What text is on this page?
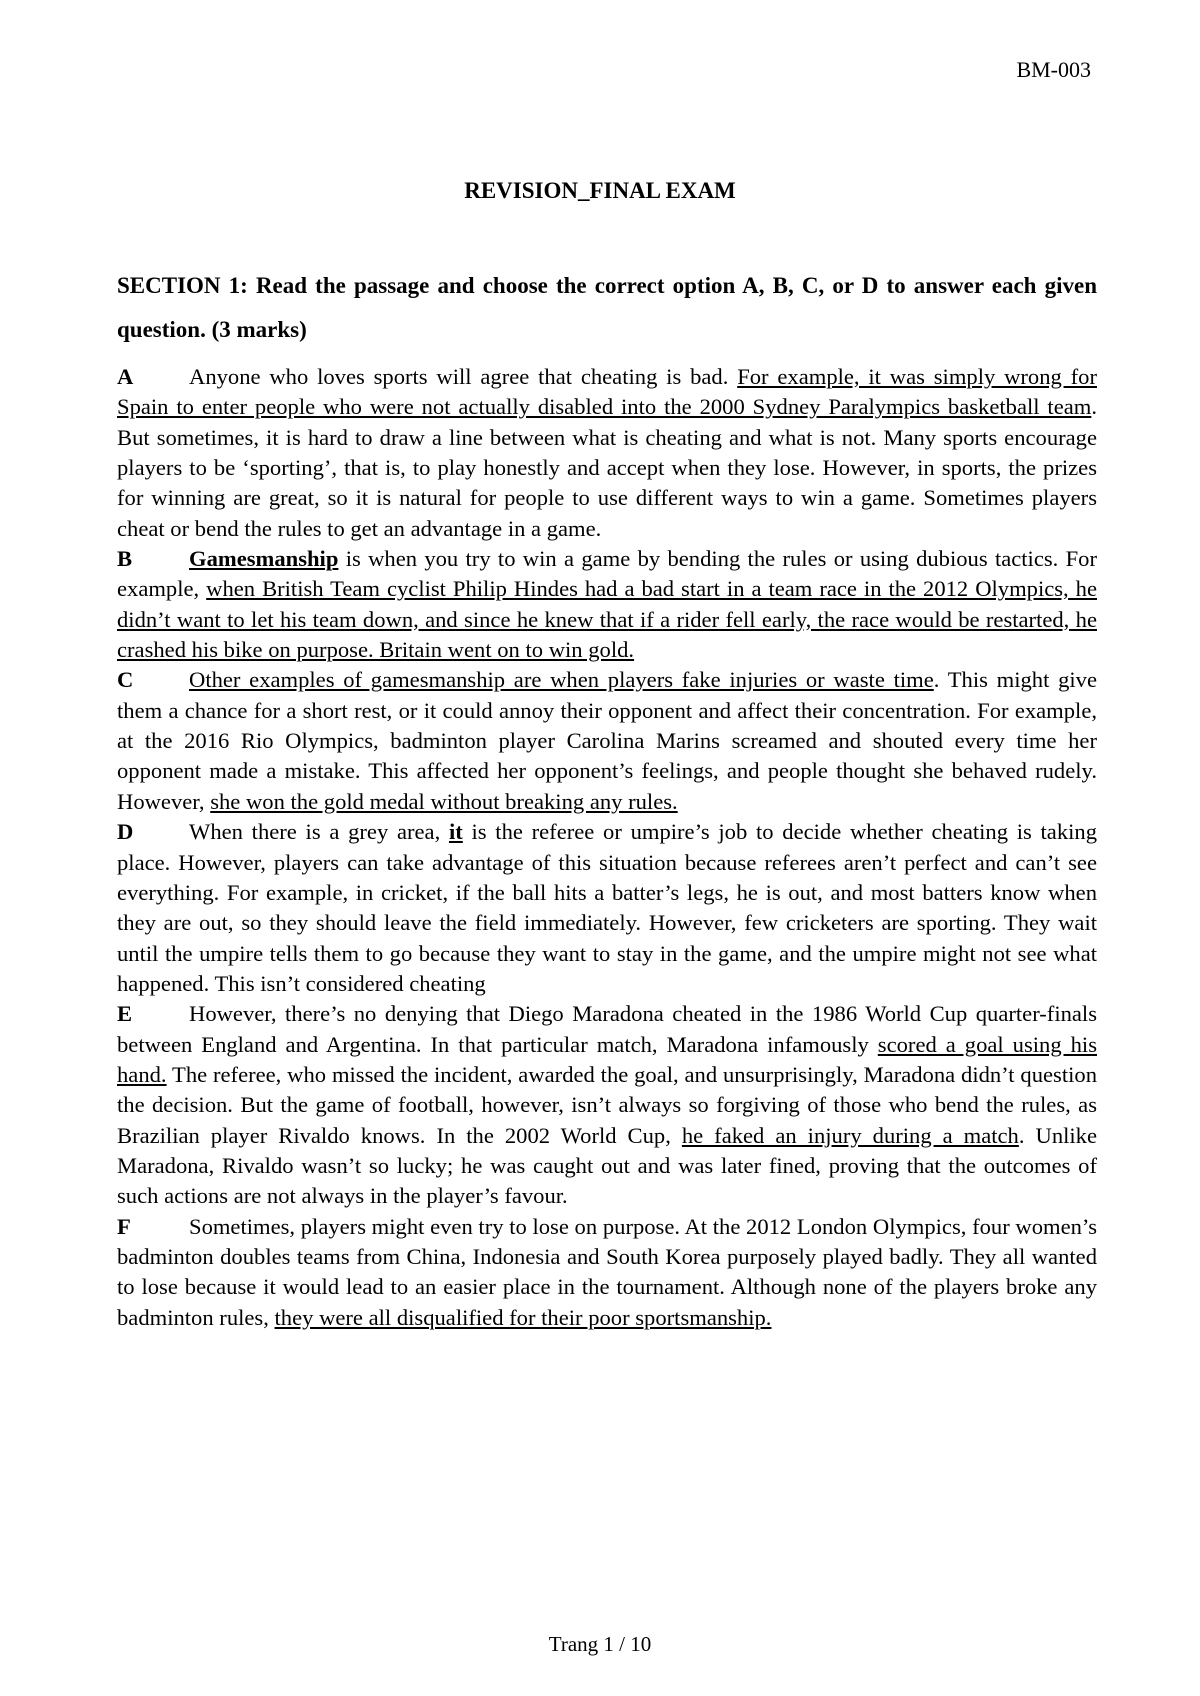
BM-003
REVISION_FINAL EXAM
SECTION 1: Read the passage and choose the correct option A, B, C, or D to answer each given question. (3 marks)

A Anyone who loves sports will agree that cheating is bad. For example, it was simply wrong for Spain to enter people who were not actually disabled into the 2000 Sydney Paralympics basketball team. But sometimes, it is hard to draw a line between what is cheating and what is not. Many sports encourage players to be ‘sporting’, that is, to play honestly and accept when they lose. However, in sports, the prizes for winning are great, so it is natural for people to use different ways to win a game. Sometimes players cheat or bend the rules to get an advantage in a game.

B	Gamesmanship is when you try to win a game by bending the rules or using dubious tactics. For example, when British Team cyclist Philip Hindes had a bad start in a team race in the 2012 Olympics, he didn’t want to let his team down, and since he knew that if a rider fell early, the race would be restarted, he crashed his bike on purpose. Britain went on to win gold.

C Other examples of gamesmanship are when players fake injuries or waste time. This might give them a chance for a short rest, or it could annoy their opponent and affect their concentration. For example, at the 2016 Rio Olympics, badminton player Carolina Marins screamed and shouted every time her opponent made a mistake. This affected her opponent’s feelings, and people thought she behaved rudely. However, she won the gold medal without breaking any rules.

D When there is a grey area, it is the referee or umpire’s job to decide whether cheating is taking place. However, players can take advantage of this situation because referees aren’t perfect and can’t see everything. For example, in cricket, if the ball hits a batter’s legs, he is out, and most batters know when they are out, so they should leave the field immediately. However, few cricketers are sporting. They wait until the umpire tells them to go because they want to stay in the game, and the umpire might not see what happened. This isn’t considered cheating

E	However, there’s no denying that Diego Maradona cheated in the 1986 World Cup quarter-finals between England and Argentina. In that particular match, Maradona infamously scored a goal using his hand. The referee, who missed the incident, awarded the goal, and unsurprisingly, Maradona didn’t question the decision. But the game of football, however, isn’t always so forgiving of those who bend the rules, as Brazilian player Rivaldo knows. In the 2002 World Cup, he faked an injury during a match. Unlike Maradona, Rivaldo wasn’t so lucky; he was caught out and was later fined, proving that the outcomes of such actions are not always in the player’s favour.

F	Sometimes, players might even try to lose on purpose. At the 2012 London Olympics, four women’s badminton doubles teams from China, Indonesia and South Korea purposely played badly. They all wanted to lose because it would lead to an easier place in the tournament. Although none of the players broke any badminton rules, they were all disqualified for their poor sportsmanship.

Trang 1 / 10
